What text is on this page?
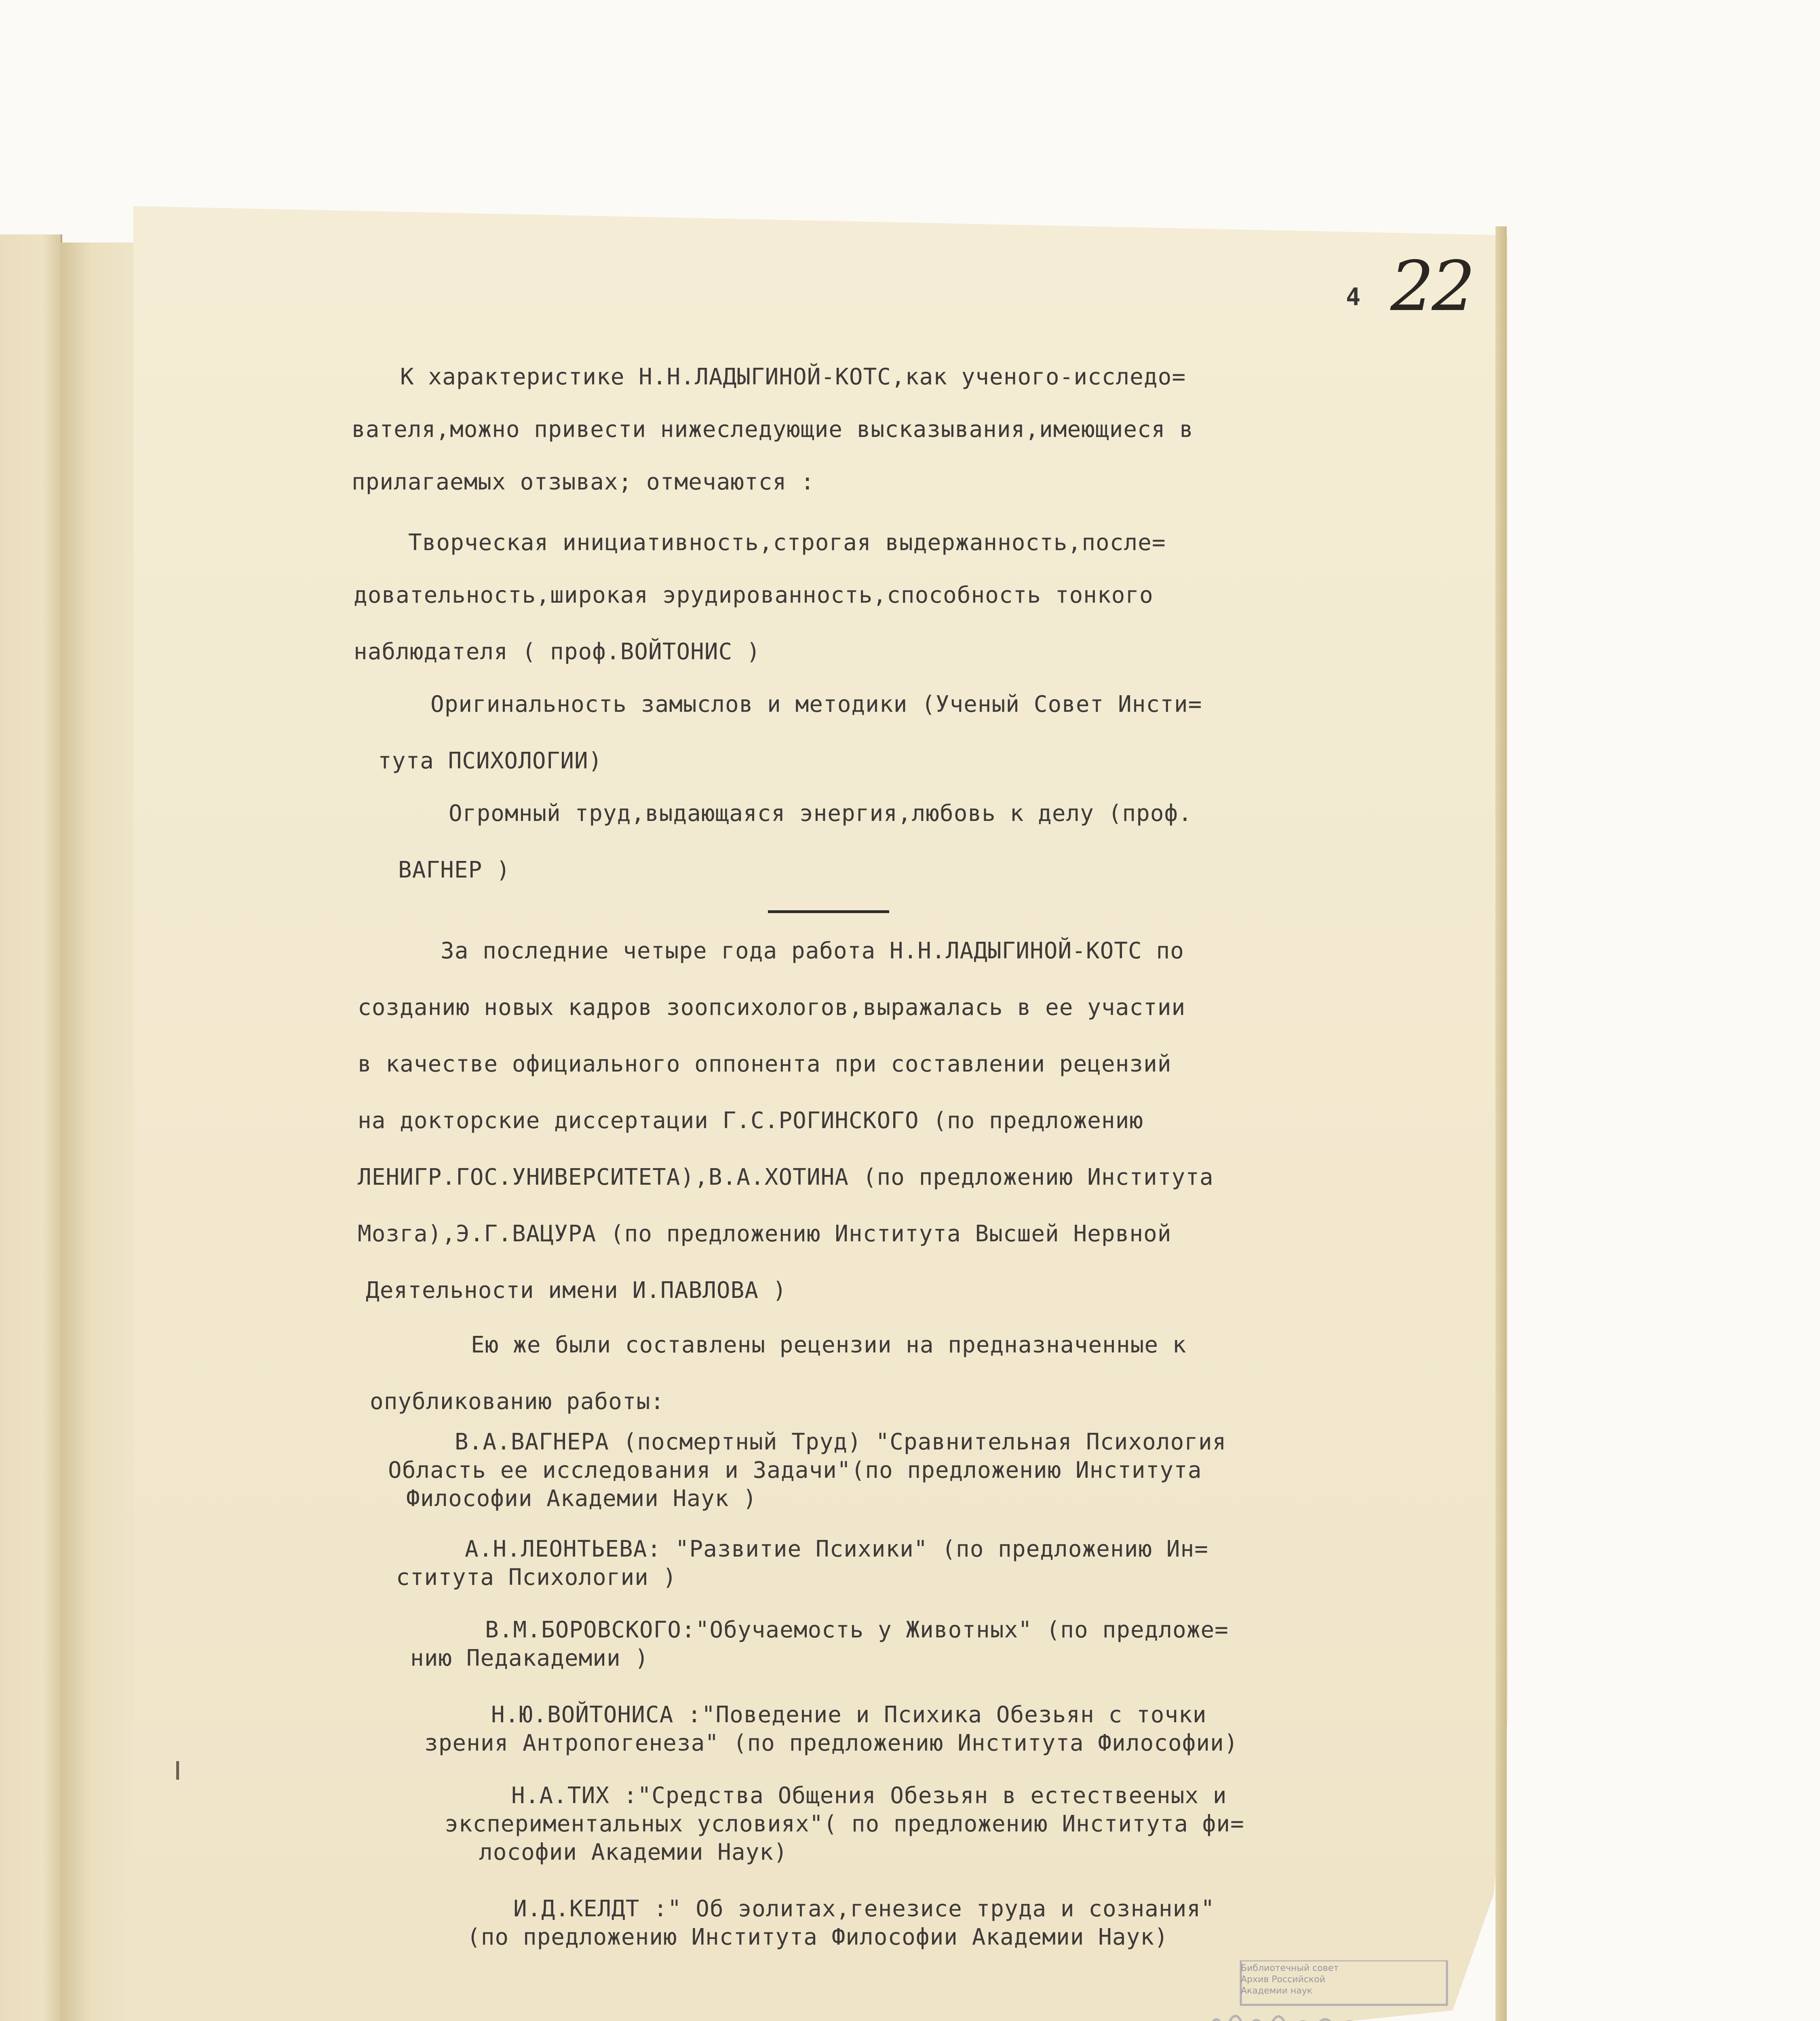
4 22
К характеристике Н.Н.ЛАДЫГИНОЙ-КОТС,как ученого-исследо=
вателя,можно привести нижеследующие высказывания,имеющиеся в
прилагаемых отзывах; отмечаются :
Творческая инициативность,строгая выдержанность,после=
довательность,широкая эрудированность,способность тонкого
наблюдателя ( проф.ВОЙТОНИС )
Оригинальность замыслов и методики (Ученый Совет Инсти=
тута ПСИХОЛОГИИ)
Огромный труд,выдающаяся энергия,любовь к делу (проф.
ВАГНЕР )
За последние четыре года работа Н.Н.ЛАДЫГИНОЙ-КОТС по
созданию новых кадров зоопсихологов,выражалась в ее участии
в качестве официального оппонента при составлении рецензий
на докторские диссертации Г.С.РОГИНСКОГО (по предложению
ЛЕНИГР.ГОС.УНИВЕРСИТЕТА),В.А.ХОТИНА (по предложению Института
Мозга),Э.Г.ВАЦУРА (по предложению Института Высшей Нервной
Деятельности имени И.ПАВЛОВА )
Ею же были составлены рецензии на предназначенные к
опубликованию работы:
В.А.ВАГНЕРА (посмертный Труд) "Сравнительная Психология
Область ее исследования и Задачи"(по предложению Института
Философии Академии Наук )
А.Н.ЛЕОНТЬЕВА: "Развитие Психики" (по предложению Ин=
ститута Психологии )
В.М.БОРОВСКОГО:"Обучаемость у Животных" (по предложе=
нию Педакадемии )
Н.Ю.ВОЙТОНИСА :"Поведение и Психика Обезьян с точки
зрения Антропогенеза" (по предложению Института Философии)
Н.А.ТИХ :"Средства Общения Обезьян в естествееных и
экспериментальных условиях"( по предложению Института фи=
лософии Академии Наук)
И.Д.КЕЛДТ :" Об эолитах,генезисе труда и сознания"
(по предложению Института Философии Академии Наук)
Библиотечный совет
Архив Российской
Академии наук
